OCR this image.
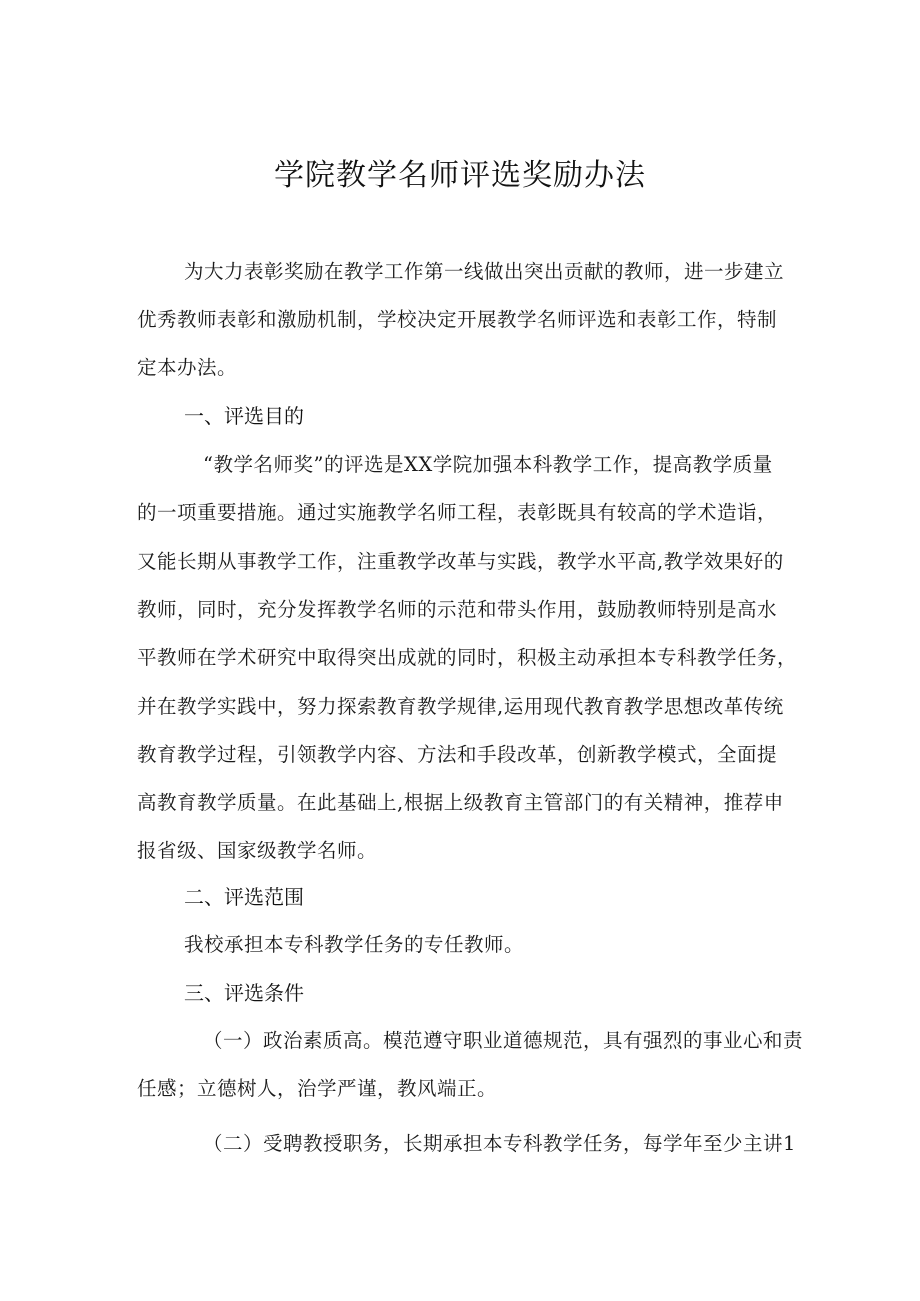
学院教学名师评选奖励办法
为大力表彰奖励在教学工作第一线做出突出贡献的教师，进一步建立
优秀教师表彰和激励机制，学校决定开展教学名师评选和表彰工作，特制
定本办法。
一、评选目的
“教学名师奖”的评选是XX学院加强本科教学工作，提高教学质量
的一项重要措施。通过实施教学名师工程，表彰既具有较高的学术造诣，
又能长期从事教学工作，注重教学改革与实践，教学水平高,教学效果好的
教师，同时，充分发挥教学名师的示范和带头作用，鼓励教师特别是高水
平教师在学术研究中取得突出成就的同时，积极主动承担本专科教学任务，
并在教学实践中，努力探索教育教学规律,运用现代教育教学思想改革传统
教育教学过程，引领教学内容、方法和手段改革，创新教学模式，全面提
高教育教学质量。在此基础上,根据上级教育主管部门的有关精神，推荐申
报省级、国家级教学名师。
二、评选范围
我校承担本专科教学任务的专任教师。
三、评选条件
（一）政治素质高。模范遵守职业道德规范，具有强烈的事业心和责
任感；立德树人，治学严谨，教风端正。
（二）受聘教授职务，长期承担本专科教学任务，每学年至少主讲1
